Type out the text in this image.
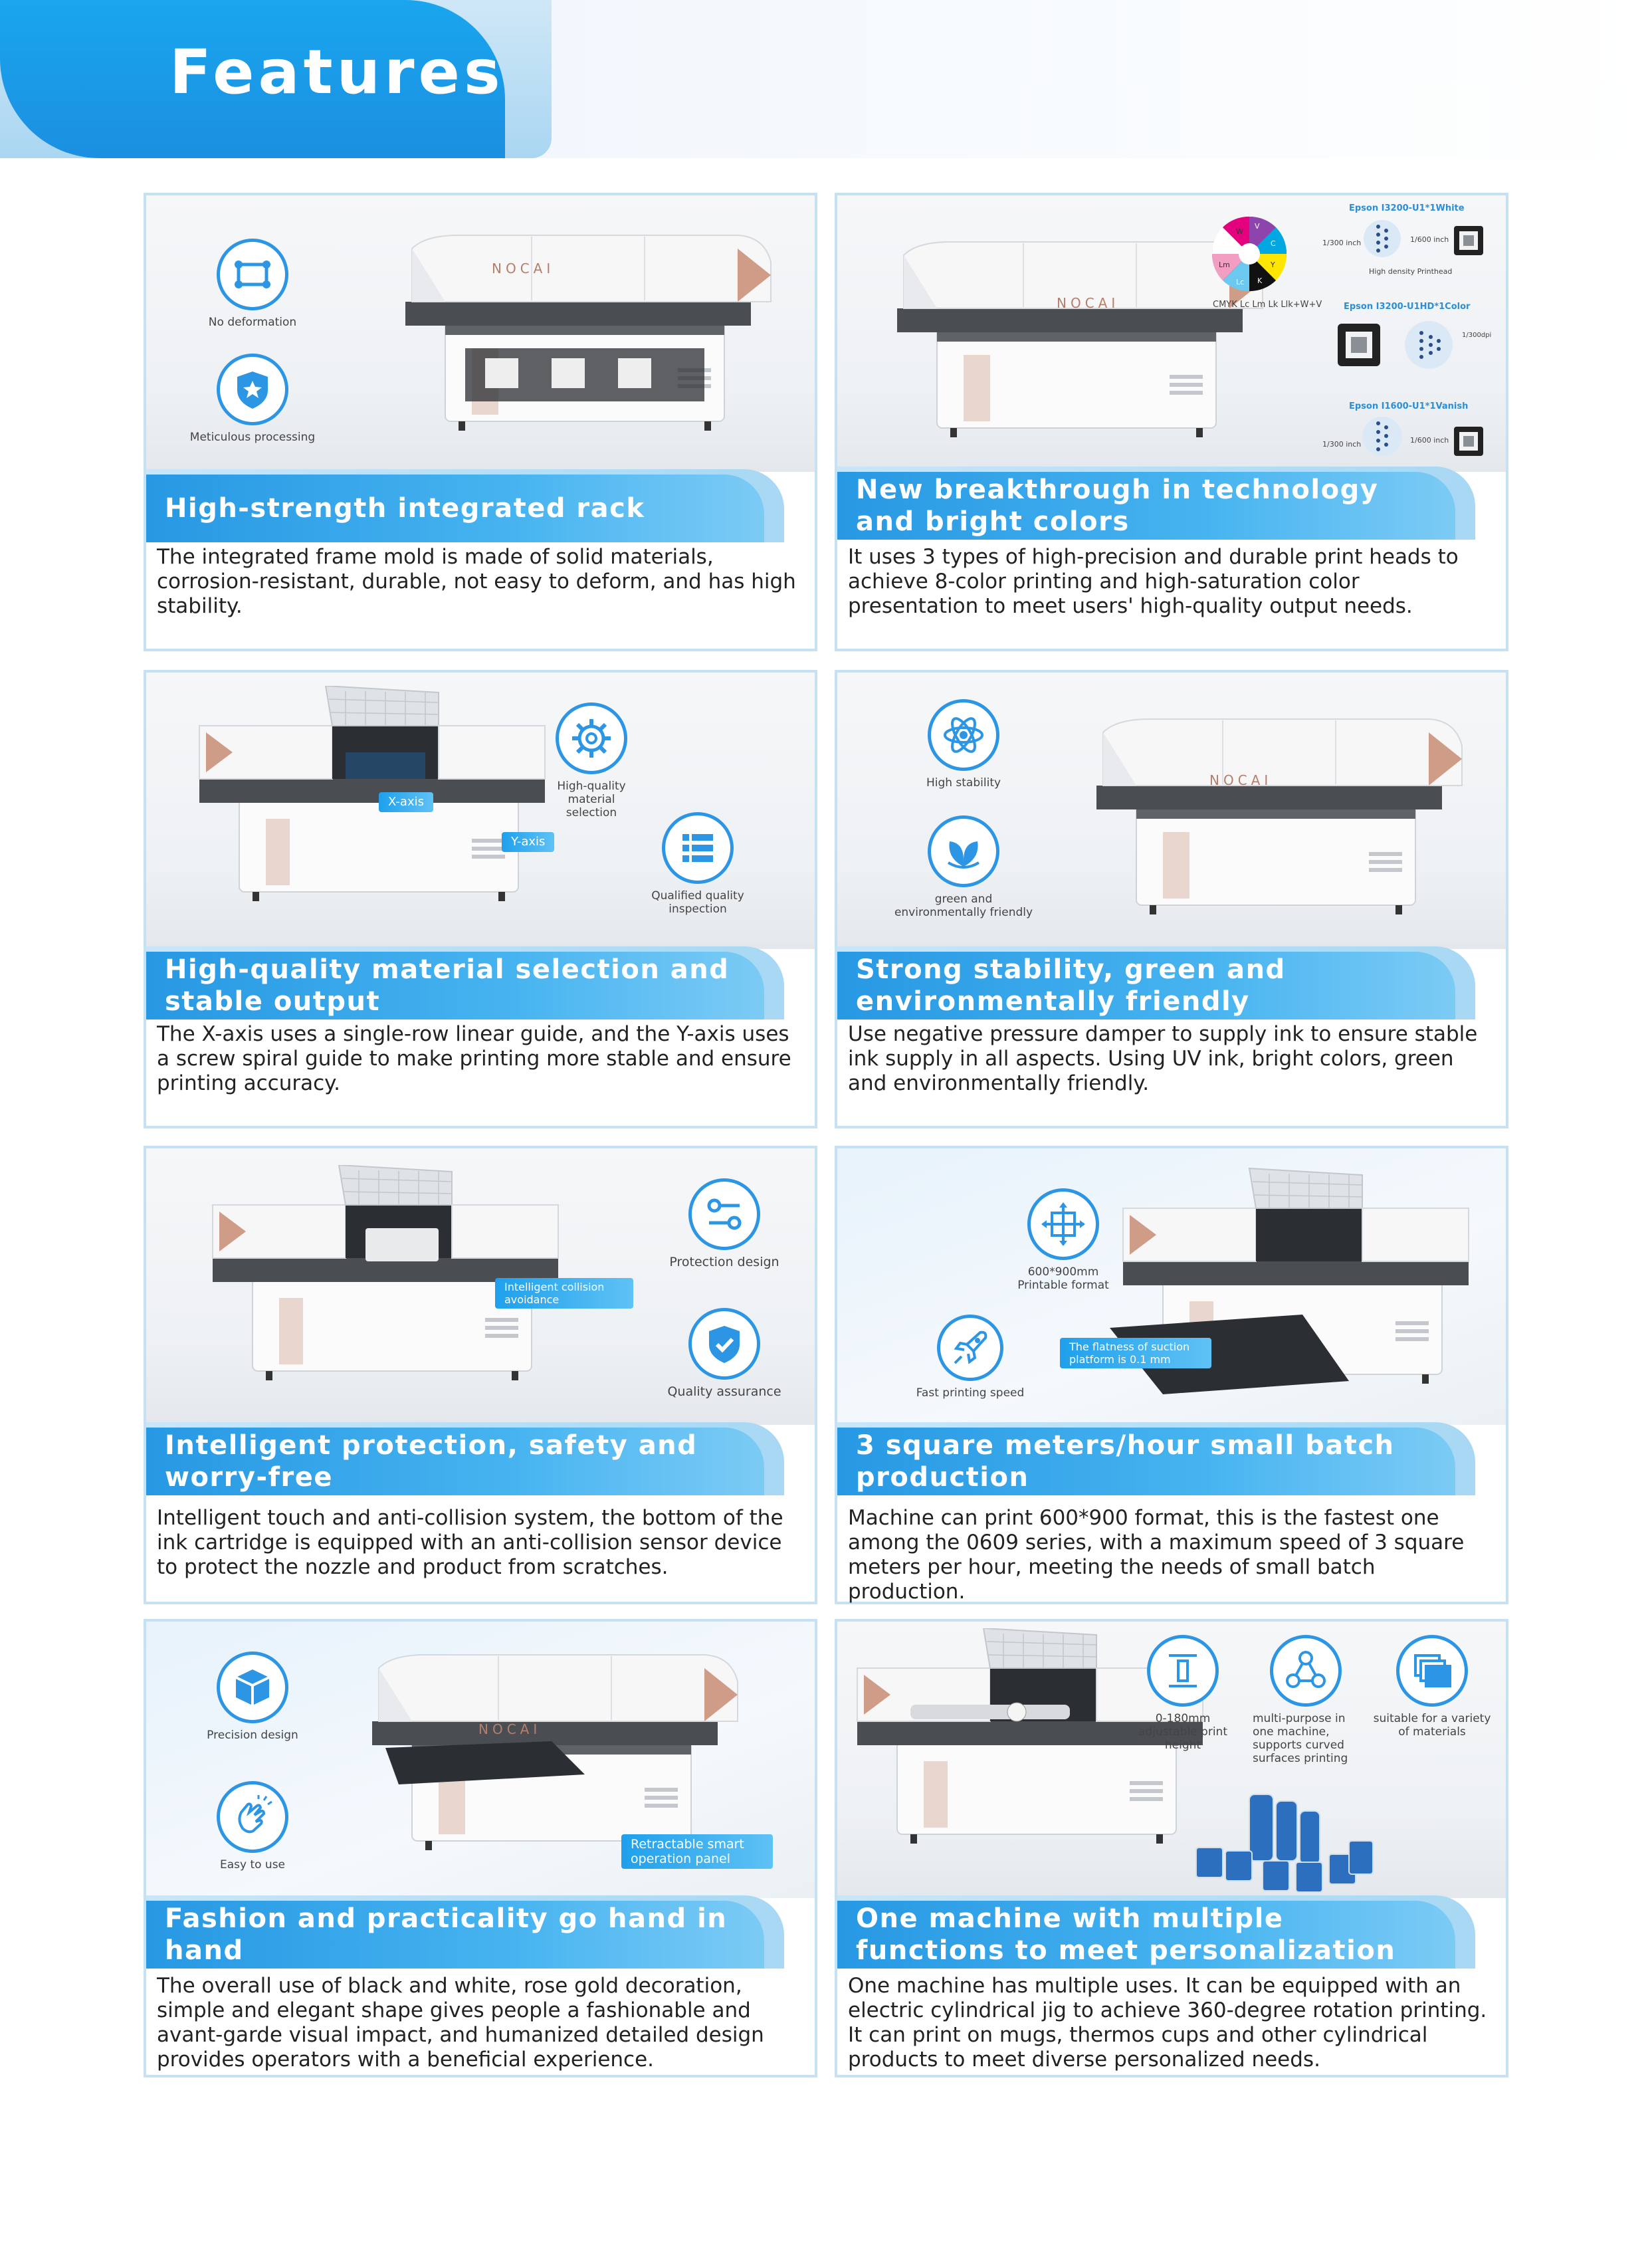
Features
NOCAI
No deformation
Meticulous processing
High-strength integrated rack
The integrated frame mold is made of solid materials, corrosion-resistant, durable, not easy to deform, and has high stability.
NOCAI
W
V
C
Y
K
Lk
Lc
Lm
CMYK Lc Lm Lk Llk+W+V
Epson I3200-U1*1White
1/300 inch	1/600 inch
High density Printhead
Epson I3200-U1HD*1Color
1/300dpi
Epson I1600-U1*1Vanish
1/300 inch	1/600 inch
New breakthrough in technology and bright colors
It uses 3 types of high-precision and durable print heads to achieve 8-color printing and high-saturation color presentation to meet users' high-quality output needs.
X-axis
Y-axis
High-quality material selection
Qualified quality inspection
High-quality material selection and stable output
The X-axis uses a single-row linear guide, and the Y-axis uses a screw spiral guide to make printing more stable and ensure printing accuracy.
NOCAI
High stability
green and environmentally friendly
Strong stability, green and environmentally friendly
Use negative pressure damper to supply ink to ensure stable ink supply in all aspects. Using UV ink, bright colors, green and environmentally friendly.
Intelligent collision avoidance
Protection design
Quality assurance
Intelligent protection, safety and worry-free
Intelligent touch and anti-collision system, the bottom of the ink cartridge is equipped with an anti-collision sensor device to protect the nozzle and product from scratches.
The flatness of suction platform is 0.1 mm
600*900mm Printable format
Fast printing speed
3 square meters/hour small batch production
Machine can print 600*900 format, this is the fastest one among the 0609 series, with a maximum speed of 3 square meters per hour, meeting the needs of small batch production.
NOCAI
Retractable smart operation panel
Precision design
Easy to use
Fashion and practicality go hand in hand
The overall use of black and white, rose gold decoration, simple and elegant shape gives people a fashionable and avant-garde visual impact, and humanized detailed design provides operators with a beneficial experience.
0-180mm adjustable print height
multi-purpose in one machine, supports curved surfaces printing
suitable for a variety of materials
One machine with multiple functions to meet personalization
One machine has multiple uses. It can be equipped with an electric cylindrical jig to achieve 360-degree rotation printing. It can print on mugs, thermos cups and other cylindrical products to meet diverse personalized needs.
